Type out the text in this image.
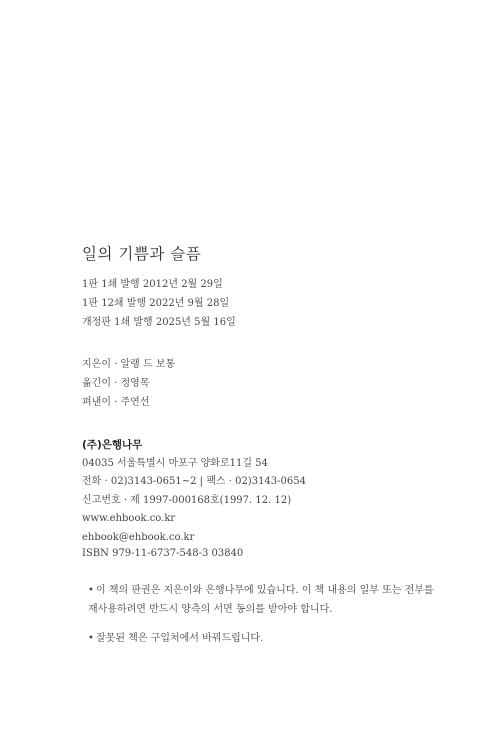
일의 기쁨과 슬픔
1판 1쇄 발행 2012년 2월 29일
1판 12쇄 발행 2022년 9월 28일
개정판 1쇄 발행 2025년 5월 16일
지은이 · 알랭 드 보통
옮긴이 · 정영목
펴낸이 · 주연선
(주)은행나무
04035 서울특별시 마포구 양화로11길 54
전화 · 02)3143-0651~2 | 팩스 · 02)3143-0654
신고번호 · 제 1997-000168호(1997. 12. 12)
www.ehbook.co.kr
ehbook@ehbook.co.kr
ISBN 979-11-6737-548-3 03840
• 이 책의 판권은 지은이와 은행나무에 있습니다. 이 책 내용의 일부 또는 전부를
재사용하려면 반드시 양측의 서면 동의를 받아야 합니다.
• 잘못된 책은 구입처에서 바꿔드립니다.
